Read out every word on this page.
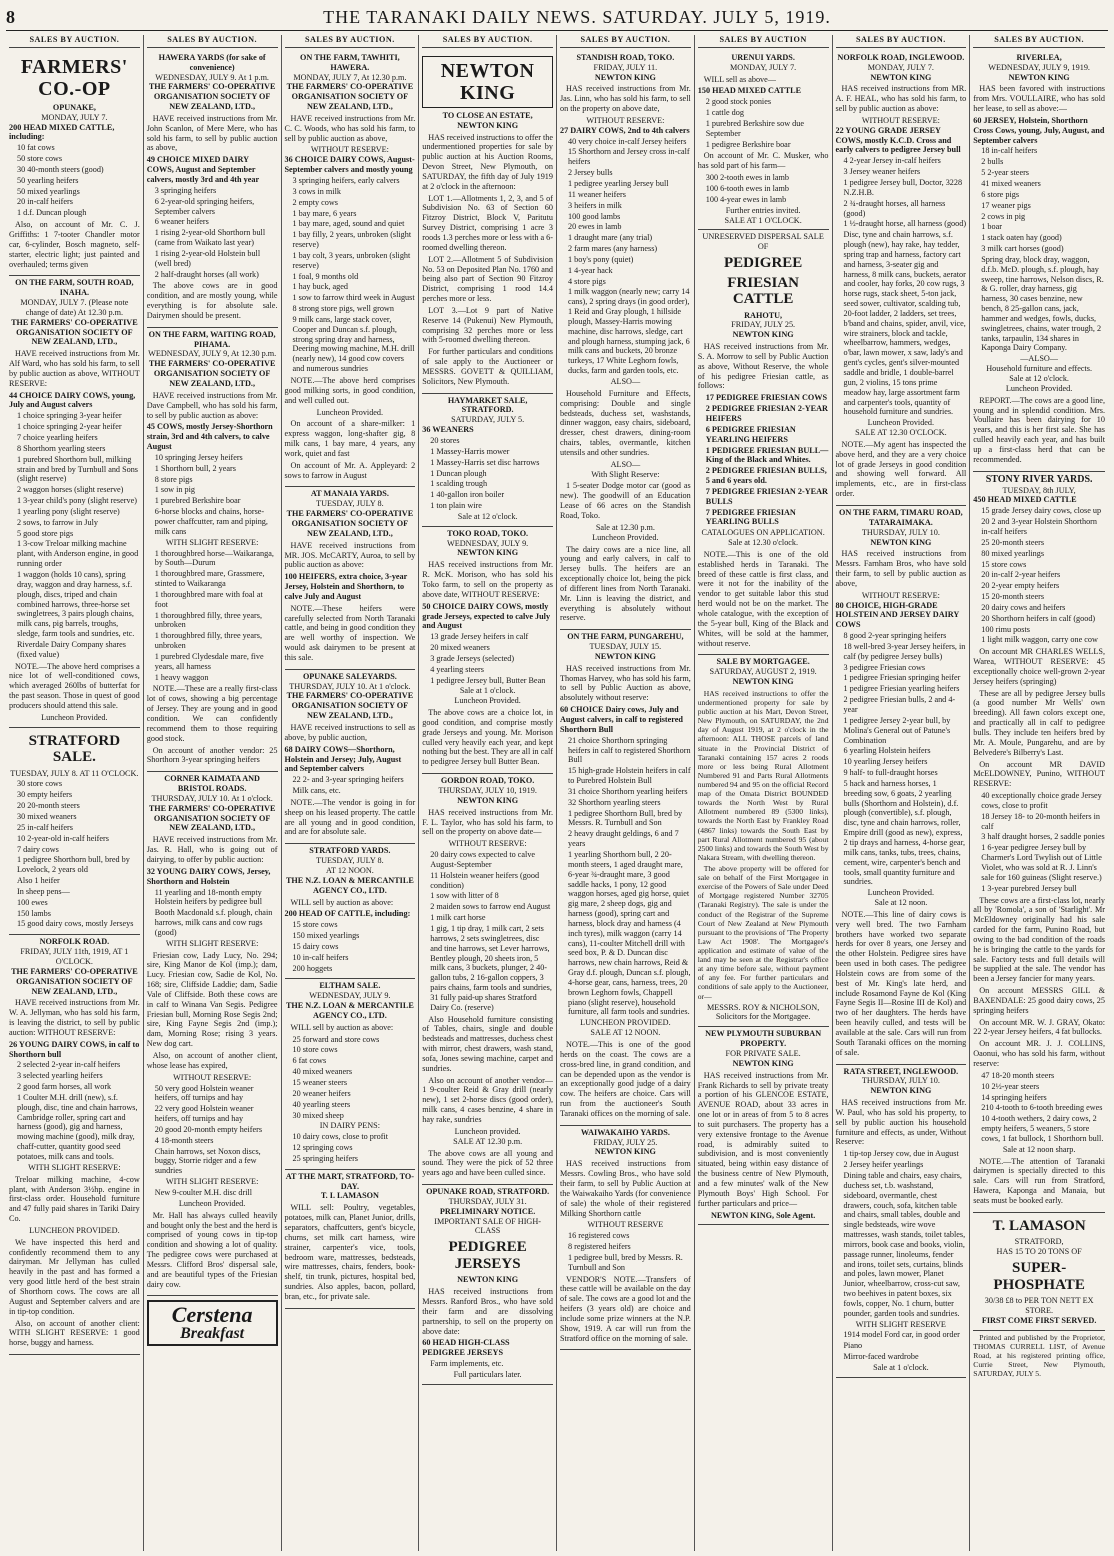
8	THE TARANAKI DAILY NEWS. SATURDAY. JULY 5, 1919.
SALES BY AUCTION.
FARMERS' CO.-OP
OPUNAKE,
MONDAY, JULY 7.
200 HEAD MIXED CATTLE, including:
10 fat cows
50 store cows
30 40-month steers (good)
50 yearling heifers
50 mixed yearlings
20 in-calf heifers
1 d.f. Duncan plough

Also, on account of Mr. C. J. Griffiths: 1 7-tooter Chandler motor car, 6-cylinder, Bosch magneto, self-starter, electric light; just painted and overhauled; terms given

ON THE FARM, SOUTH ROAD, INAHA.
MONDAY, JULY 7. (Please note change of date) At 12.30 p.m.
THE FARMERS' CO-OPERATIVE ORGANISATION SOCIETY OF NEW ZEALAND, LTD.,

HAVE received instructions from Mr. Alf Ward, who has sold his farm, to sell by public auction as above, WITHOUT RESERVE:

44 CHOICE DAIRY COWS, young, July and August calvers
1 choice springing 3-year heifer
1 choice springing 2-year heifer
7 choice yearling heifers
8 Shorthorn yearling steers
1 purebred Shorthorn bull, milking strain and bred by Turnbull and Sons (slight reserve)
2 waggon horses (slight reserve)
1 3-year child's pony (slight reserve)
1 yearling pony (slight reserve)
2 sows, to farrow in July
5 good store pigs
1 3-cow Treloar milking machine plant, with Anderson engine, in good running order
1 waggon (holds 10 cans), spring dray, waggon and dray harness, s.f. plough, discs, triped and chain combined harrows, three-horse set swingletrees, 3 pairs plough chains, milk cans, pig barrels, troughs, sledge, farm tools and sundries, etc.
Riverdale Dairy Company shares (fixed value)

NOTE.—The above herd comprises a nice lot of well-conditioned cows, which averaged 260lbs of butterfat for the past season. Those in quest of good producers should attend this sale.

Luncheon Provided.
STRATFORD SALE.
TUESDAY, JULY 8. AT 11 O'CLOCK.
30 store cows
30 empty heifers
20 20-month steers
30 mixed weaners
25 in-calf heifers
10 2-year-old in-calf heifers
7 dairy cows
1 pedigree Shorthorn bull, bred by Lovelock, 2 years old
Also 1 heifer
In sheep pens—
100 ewes
150 lambs
15 good dairy cows, mostly Jerseys
NORFOLK ROAD.
FRIDAY, JULY 11th, 1919, AT 1 O'CLOCK.
THE FARMERS' CO-OPERATIVE ORGANISATION SOCIETY OF NEW ZEALAND, LTD.,

HAVE received instructions from Mr. W. A. Jellyman, who has sold his farm, is leaving the district, to sell by public auction: WITHOUT RESERVE:

26 YOUNG DAIRY COWS, in calf to Shorthorn bull
2 selected 2-year in-calf heifers
3 selected yearling heifers
2 good farm horses, all work
1 Coulter M.H. drill (new), s.f. plough, disc, tine and chain harrows, Cambridge roller, spring cart and harness (good), gig and harness, mowing machine (good), milk dray, chaff-cutter, quantity good seed potatoes, milk cans and tools.
WITH SLIGHT RESERVE:

Treloar milking machine, 4-cow plant, with Anderson 3½hp. engine in first-class order. Household furniture and 47 fully paid shares in Tariki Dairy Co.

LUNCHEON PROVIDED.

We have inspected this herd and confidently recommend them to any dairyman. Mr Jellyman has culled heavily in the past and has formed a very good little herd of the best strain of Shorthorn cows. The cows are all August and September calvers and are in tip-top condition.

Also, on account of another client: WITH SLIGHT RESERVE: 1 good horse, buggy and harness.

SALES BY AUCTION.
HAWERA YARDS (for sake of convenience)
WEDNESDAY, JULY 9. At 1 p.m.
THE FARMERS' CO-OPERATIVE ORGANISATION SOCIETY OF NEW ZEALAND, LTD.,

HAVE received instructions from Mr. John Scanlon, of Mere Mere, who has sold his farm, to sell by public auction as above,

49 CHOICE MIXED DAIRY COWS, August and September calvers, mostly 3rd and 4th year
3 springing heifers
6 2-year-old springing heifers, September calvers
6 weaner heifers
1 rising 2-year-old Shorthorn bull (came from Waikato last year)
1 rising 2-year-old Holstein bull (well bred)
2 half-draught horses (all work)

The above cows are in good condition, and are mostly young, while everything is for absolute sale. Dairymen should be present.

ON THE FARM, WAITING ROAD, PIHAMA.
WEDNESDAY, JULY 9, At 12.30 p.m.
THE FARMERS' CO-OPERATIVE ORGANISATION SOCIETY OF NEW ZEALAND, LTD.,

HAVE received instructions from Mr. Dave Campbell, who has sold his farm, to sell by public auction as above:

45 COWS, mostly Jersey-Shorthorn strain, 3rd and 4th calvers, to calve August
10 springing Jersey heifers
1 Shorthorn bull, 2 years
8 store pigs
1 sow in pig
1 purebred Berkshire boar
6-horse blocks and chains, horse-power chaffcutter, ram and piping, milk cans
WITH SLIGHT RESERVE:
1 thoroughbred horse—Waikaranga, by South—Durum
1 thoroughbred mare, Grassmere, stinted to Waikaranga
1 thoroughbred mare with foal at foot
1 thoroughbred filly, three years, unbroken
1 thoroughbred filly, three years, unbroken
1 purebred Clydesdale mare, five years, all harness
1 heavy waggon

NOTE.—These are a really first-class lot of cows, showing a big percentage of Jersey. They are young and in good condition. We can confidently recommend them to those requiring good stock.

On account of another vendor: 25 Shorthorn 3-year springing heifers

CORNER KAIMATA AND BRISTOL ROADS.
THURSDAY, JULY 10. At 1 o'clock.
THE FARMERS' CO-OPERATIVE ORGANISATION SOCIETY OF NEW ZEALAND, LTD.,

HAVE received instructions from Mr. Jas. R. Hall, who is going out of dairying, to offer by public auction:

32 YOUNG DAIRY COWS, Jersey, Shorthorn and Holstein
11 yearling and 18-month empty Holstein heifers by pedigree bull
Booth Macdonald s.f. plough, chain harrows, milk cans and cow rugs (good)
WITH SLIGHT RESERVE:

Friesian cow, Lady Lucy, No. 294; sire, King Manor de Kol (imp.); dam, Lucy. Friesian cow, Sadie de Kol, No. 168; sire, Cliffside Laddie; dam, Sadie Vale of Cliffside. Both these cows are in calf to Winana Van Segis. Pedigree Friesian bull, Morning Rose Segis 2nd; sire, King Fayne Segis 2nd (imp.); dam, Morning Rose; rising 3 years. New dog cart.

Also, on account of another client, whose lease has expired,

WITHOUT RESERVE:
50 very good Holstein weaner heifers, off turnips and hay
22 very good Holstein weaner heifers, off turnips and hay
20 good 20-month empty heifers
4 18-month steers
Chain harrows, set Noxon discs, buggy, Storrie ridger and a few sundries
WITH SLIGHT RESERVE:
New 9-coulter M.H. disc drill
Luncheon Provided.

Mr. Hall has always culled heavily and bought only the best and the herd is comprised of young cows in tip-top condition and showing a lot of quality. The pedigree cows were purchased at Messrs. Clifford Bros' dispersal sale, and are beautiful types of the Friesian dairy cow.

Cerstena
Breakfast
SALES BY AUCTION.
ON THE FARM, TAWHITI, HAWERA.
MONDAY, JULY 7, At 12.30 p.m.
THE FARMERS' CO-OPERATIVE ORGANISATION SOCIETY OF NEW ZEALAND, LTD.,

HAVE received instructions from Mr. C. C. Woods, who has sold his farm, to sell by public auction as above,

WITHOUT RESERVE:
36 CHOICE DAIRY COWS, August-September calvers and mostly young
3 springing heifers, early calvers
3 cows in milk
2 empty cows
1 bay mare, 6 years
1 bay mare, aged, sound and quiet
1 bay filly, 2 years, unbroken (slight reserve)
1 bay colt, 3 years, unbroken (slight reserve)
1 foal, 9 months old
1 hay buck, aged
1 sow to farrow third week in August
8 strong store pigs, well grown
9 milk cans, large stack cover, Cooper and Duncan s.f. plough, strong spring dray and harness, Deering mowing machine, M.H. drill (nearly new), 14 good cow covers and numerous sundries

NOTE.—The above herd comprises good milking sorts, in good condition, and well culled out.

Luncheon Provided.

On account of a share-milker: 1 express waggon, long-shafter gig, 8 milk cans, 1 bay mare, 4 years, any work, quiet and fast

On account of Mr. A. Appleyard: 2 sows to farrow in August

AT MANAIA YARDS.
TUESDAY, JULY 8.
THE FARMERS' CO-OPERATIVE ORGANISATION SOCIETY OF NEW ZEALAND, LTD.,

HAVE received instructions from MR. JOS. McCARTY, Auroa, to sell by public auction as above:

100 HEIFERS, extra choice, 3-year Jersey, Holstein and Shorthorn, to calve July and August

NOTE.—These heifers were carefully selected from North Taranaki cattle, and being in good condition they are well worthy of inspection. We would ask dairymen to be present at this sale.

OPUNAKE SALEYARDS.
THURSDAY, JULY 10. At 1 o'clock.
THE FARMERS' CO-OPERATIVE ORGANISATION SOCIETY OF NEW ZEALAND, LTD.,

HAVE received instructions to sell as above, by public auction,

68 DAIRY COWS—Shorthorn, Holstein and Jersey; July, August and September calvers
22 2- and 3-year springing heifers
Milk cans, etc.

NOTE.—The vendor is going in for sheep on his leased property. The cattle are all young and in good condition, and are for absolute sale.

STRATFORD YARDS.
TUESDAY, JULY 8.
AT 12 NOON.
THE N.Z. LOAN & MERCANTILE AGENCY CO., LTD.

WILL sell by auction as above:

200 HEAD OF CATTLE, including:
15 store cows
150 mixed yearlings
15 dairy cows
10 in-calf heifers
200 hoggets
ELTHAM SALE.
WEDNESDAY, JULY 9.
THE N.Z. LOAN & MERCANTILE AGENCY CO., LTD.

WILL sell by auction as above:

25 forward and store cows
10 store cows
6 fat cows
40 mixed weaners
15 weaner steers
20 weaner heifers
40 yearling steers
30 mixed sheep
IN DAIRY PENS:
10 dairy cows, close to profit
12 springing cows
25 springing heifers
AT THE MART, STRATFORD, TO-DAY.
T. I. LAMASON

WILL sell: Poultry, vegetables, potatoes, milk can, Planet Junior, drills, separators, chaffcutters, gent's bicycle, churns, set milk cart harness, wire strainer, carpenter's vice, tools, bedroom ware, mattresses, bedsteads, wire mattresses, chairs, fenders, book-shelf, tin trunk, pictures, hospital bed, sundries. Also apples, bacon, pollard, bran, etc., for private sale.

SALES BY AUCTION.
NEWTON KING
TO CLOSE AN ESTATE,
NEWTON KING

HAS received instructions to offer the undermentioned properties for sale by public auction at his Auction Rooms, Devon Street, New Plymouth, on SATURDAY, the fifth day of July 1919 at 2 o'clock in the afternoon:

LOT 1.—Allotments 1, 2, 3, and 5 of Subdivision No. 63 of Section 60 Fitzroy District, Block V, Paritutu Survey District, comprising 1 acre 3 roods 1.3 perches more or less with a 6-roomed dwelling thereon.

LOT 2.—Allotment 5 of Subdivision No. 53 on Deposited Plan No. 1760 and being also part of Section 90 Fitzroy District, comprising 1 rood 14.4 perches more or less.

LOT 3.—Lot 9 part of Native Reserve 14 (Pukenui) New Plymouth, comprising 32 perches more or less with 5-roomed dwelling thereon.

For further particulars and conditions of sale apply to the Auctioneer or MESSRS. GOVETT & QUILLIAM, Solicitors, New Plymouth.

HAYMARKET SALE, STRATFORD.
SATURDAY, JULY 5.
36 WEANERS
20 stores
1 Massey-Harris mower
1 Massey-Harris set disc harrows
1 Duncan plough
1 scalding trough
1 40-gallon iron boiler
1 ton plain wire
Sale at 12 o'clock.
TOKO ROAD, TOKO.
WEDNESDAY, JULY 9.
NEWTON KING

HAS received instructions from Mr. R. McK. Morison, who has sold his Toko farm, to sell on the property as above date, WITHOUT RESERVE:

50 CHOICE DAIRY COWS, mostly grade Jerseys, expected to calve July and August
13 grade Jersey heifers in calf
20 mixed weaners
3 grade Jerseys (selected)
4 yearling steers
1 pedigree Jersey bull, Butter Bean
Sale at 1 o'clock.
Luncheon Provided.

The above cows are a choice lot, in good condition, and comprise mostly grade Jerseys and young. Mr. Morison culled very heavily each year, and kept nothing but the best. They are all in calf to pedigree Jersey bull Butter Bean.

GORDON ROAD, TOKO.
THURSDAY, JULY 10, 1919.
NEWTON KING

HAS received instructions from Mr. F. L. Taylor, who has sold his farm, to sell on the property on above date—

WITHOUT RESERVE:
20 dairy cows expected to calve August-September
11 Holstein weaner heifers (good condition)
1 sow with litter of 8
2 maiden sows to farrow end August
1 milk cart horse
1 gig, 1 tip dray, 1 milk cart, 2 sets harrows, 2 sets swingletrees, disc and tine harrows, set Lever harrows, Bentley plough, 20 sheets iron, 5 milk cans, 3 buckets, plunger, 2 40-gallon tubs, 2 16-gallon coppers, 3 pairs chains, farm tools and sundries, 31 fully paid-up shares Stratford Dairy Co. (reserve)

Also Household furniture consisting of Tables, chairs, single and double bedsteads and mattresses, duchess chest with mirror, chest drawers, wash stand, sofa, Jones sewing machine, carpet and sundries.

Also on account of another vendor— 1 9-coulter Reid & Gray drill (nearly new), 1 set 2-horse discs (good order), milk cans, 4 cases benzine, 4 share in hay rake, sundries

Luncheon provided.
SALE AT 12.30 p.m.

The above cows are all young and sound. They were the pick of 52 three years ago and have been culled since.

OPUNAKE ROAD, STRATFORD.
THURSDAY, JULY 31.
PRELIMINARY NOTICE.
IMPORTANT SALE OF HIGH-CLASS
PEDIGREE JERSEYS
NEWTON KING

HAS received instructions from Messrs. Ranford Bros., who have sold their farm and are dissolving partnership, to sell on the property on above date:

60 HEAD HIGH-CLASS PEDIGREE JERSEYS
Farm implements, etc.
Full particulars later.
SALES BY AUCTION.
STANDISH ROAD, TOKO.
FRIDAY, JULY 11.
NEWTON KING

HAS received instructions from Mr. Jas. Linn, who has sold his farm, to sell on the property on above date,

WITHOUT RESERVE:
27 DAIRY COWS, 2nd to 4th calvers
40 very choice in-calf Jersey heifers
15 Shorthorn and Jersey cross in-calf heifers
2 Jersey bulls
1 pedigree yearling Jersey bull
11 weaner heifers
3 heifers in milk
100 good lambs
20 ewes in lamb
1 draught mare (any trial)
2 farm mares (any harness)
1 boy's pony (quiet)
1 4-year hack
4 store pigs
1 milk waggon (nearly new; carry 14 cans), 2 spring drays (in good order), 1 Reid and Gray plough, 1 hillside plough, Massey-Harris mowing machine, disc harrows, sledge, cart and plough harness, stumping jack, 6 milk cans and buckets, 20 bronze turkeys, 17 White Leghorn fowls, ducks, farm and garden tools, etc.
ALSO—

Household Furniture and Effects, comprising: Double and single bedsteads, duchess set, washstands, dinner waggon, easy chairs, sideboard, dresser, chest drawers, dining-room chairs, tables, overmantle, kitchen utensils and other sundries.

ALSO—
With Slight Reserve:

1 5-seater Dodge motor car (good as new). The goodwill of an Education Lease of 66 acres on the Standish Road, Toko.

Sale at 12.30 p.m.
Luncheon Provided.

The dairy cows are a nice line, all young and early calvers, in calf to Jersey bulls. The heifers are an exceptionally choice lot, being the pick of different lines from North Taranaki. Mr. Linn is leaving the district, and everything is absolutely without reserve.

ON THE FARM, PUNGAREHU,
TUESDAY, JULY 15.
NEWTON KING

HAS received instructions from Mr. Thomas Harvey, who has sold his farm, to sell by Public Auction as above, absolutely without reserve:

60 CHOICE Dairy cows, July and August calvers, in calf to registered Shorthorn Bull
21 choice Shorthorn springing heifers in calf to registered Shorthorn Bull
15 high-grade Holstein heifers in calf to Purebred Holstein Bull
31 choice Shorthorn yearling heifers
32 Shorthorn yearling steers
1 pedigree Shorthorn Bull, bred by Messrs. R. Turnbull and Son
2 heavy draught geldings, 6 and 7 years
1 yearling Shorthorn bull, 2 20-month steers, 1 aged draught mare, 6-year ¾-draught mare, 3 good saddle hacks, 1 pony, 12 good waggon horses, aged gig horse, quiet gig mare, 2 sheep dogs, gig and harness (good), spring cart and harness, block dray and harness (4 inch tyres), milk waggon (carry 14 cans), 11-coulter Mitchell drill with seed box, P. & D. Duncan disc harrows, new chain harrows, Reid & Gray d.f. plough, Duncan s.f. plough, 4-horse gear, cans, harness, trees, 20 brown Leghorn fowls, Chappell piano (slight reserve), household furniture, all farm tools and sundries.
LUNCHEON PROVIDED.
SALE AT 12 NOON.

NOTE.—This is one of the good herds on the coast. The cows are a cross-bred line, in grand condition, and can be depended upon as the vendor is an exceptionally good judge of a dairy cow. The heifers are choice. Cars will run from the auctioneer's South Taranaki offices on the morning of sale.

WAIWAKAIHO YARDS.
FRIDAY, JULY 25.
NEWTON KING

HAS received instructions from Messrs. Cowling Bros., who have sold their farm, to sell by Public Auction at the Waiwakaiho Yards (for convenience of sale) the whole of their registered Milking Shorthorn cattle

WITHOUT RESERVE
16 registered cows
8 registered heifers
1 pedigree bull, bred by Messrs. R. Turnbull and Son

VENDOR'S NOTE.—Transfers of these cattle will be available on the day of sale. The cows are a good lot and the heifers (3 years old) are choice and include some prize winners at the N.P. Show, 1919. A car will run from the Stratford office on the morning of sale.

SALES BY AUCTION
URENUI YARDS.
MONDAY, JULY 7.

WILL sell as above—

150 HEAD MIXED CATTLE
2 good stock ponies
1 cattle dog
1 purebred Berkshire sow due September
1 pedigree Berkshire boar

On account of Mr. C. Musker, who has sold part of his farm—

300 2-tooth ewes in lamb
100 6-tooth ewes in lamb
100 4-year ewes in lamb
Further entries invited.
SALE AT 1 O'CLOCK.
UNRESERVED DISPERSAL SALE OF
PEDIGREE
FRIESIAN CATTLE
RAHOTU,
FRIDAY, JULY 25.
NEWTON KING

HAS received instructions from Mr. S. A. Morrow to sell by Public Auction as above, Without Reserve, the whole of his pedigree Friesian cattle, as follows:

17 PEDIGREE FRIESIAN COWS
2 PEDIGREE FRIESIAN 2-YEAR HEIFERS
6 PEDIGREE FRIESIAN YEARLING HEIFERS
1 PEDIGREE FRIESIAN BULL—King of the Black and Whites.
2 PEDIGREE FRIESIAN BULLS, 5 and 6 years old.
7 PEDIGREE FRIESIAN 2-YEAR BULLS
7 PEDIGREE FRIESIAN YEARLING BULLS
CATALOGUES ON APPLICATION.
Sale at 12.30 o'clock.

NOTE.—This is one of the old established herds in Taranaki. The breed of these cattle is first class, and were it not for the inability of the vendor to get suitable labor this stud herd would not be on the market. The whole catalogue, with the exception of the 5-year bull, King of the Black and Whites, will be sold at the hammer, without reserve.

SALE BY MORTGAGEE.
SATURDAY, AUGUST 2, 1919.
NEWTON KING

HAS received instructions to offer the undermentioned property for sale by public auction at his Mart, Devon Street, New Plymouth, on SATURDAY, the 2nd day of August 1919, at 2 o'clock in the afternoon: ALL THOSE parcels of land situate in the Provincial District of Taranaki containing 157 acres 2 roods more or less being Rural Allotment Numbered 91 and Parts Rural Allotments numbered 94 and 95 on the official Record map of the Omata District BOUNDED towards the North West by Rural Allotment numbered 89 (5300 links), towards the North East by Frankley Road (4867 links) towards the South East by part Rural Allotment numbered 95 (about 2500 links) and towards the South West by Nakara Stream, with dwelling thereon.

The above property will be offered for sale on behalf of the First Mortgagee in exercise of the Powers of Sale under Deed of Mortgage registered Number 32705 (Taranaki Registry). The sale is under the conduct of the Registrar of the Supreme Court of New Zealand at New Plymouth pursuant to the provisions of 'The Property Law Act 1908'. The Mortgagee's application and estimate of value of the land may be seen at the Registrar's office at any time before sale, without payment of any fee. For further particulars and conditions of sale apply to the Auctioneer, or—

MESSRS. ROY & NICHOLSON, Solicitors for the Mortgagee.
NEW PLYMOUTH SUBURBAN PROPERTY.
FOR PRIVATE SALE.
NEWTON KING

HAS received instructions from Mr. Frank Richards to sell by private treaty a portion of his GLENCOE ESTATE, AVENUE ROAD, about 33 acres in one lot or in areas of from 5 to 8 acres to suit purchasers. The property has a very extensive frontage to the Avenue road, is admirably suited to subdivision, and is most conveniently situated, being within easy distance of the business centre of New Plymouth, and a few minutes' walk of the New Plymouth Boys' High School. For further particulars and price—

NEWTON KING, Sole Agent.
SALES BY AUCTION.
NORFOLK ROAD, INGLEWOOD.
MONDAY, JULY 7.
NEWTON KING

HAS received instructions from MR. A. F. HEAL, who has sold his farm, to sell by public auction as above:

WITHOUT RESERVE:
22 YOUNG GRADE JERSEY COWS, mostly K.C.D. Cross and early calvers to pedigree Jersey bull
4 2-year Jersey in-calf heifers
3 Jersey weaner heifers
1 pedigree Jersey bull, Doctor, 3228 N.Z.H.B.
2 ¾-draught horses, all harness (good)
1 ½-draught horse, all harness (good)
Disc, tyne and chain harrows, s.f. plough (new), hay rake, hay tedder, spring trap and harness, factory cart and harness, 3-seater gig and harness, 8 milk cans, buckets, aerator and cooler, hay forks, 20 cow rugs, 3 horse rugs, stack sheet, 5-ton jack, seed sower, cultivator, scalding tub, 20-foot ladder, 2 ladders, set trees, b'band and chains, spider, anvil, vice, wire strainers, block and tackle, wheelbarrow, hammers, wedges, o'bar, lawn mower, x saw, lady's and gent's cycles, gent's silver-mounted saddle and bridle, 1 double-barrel gun, 2 violins, 15 tons prime meadow hay, large assortment farm and carpenter's tools, quantity of household furniture and sundries.
Luncheon Provided.
SALE AT 12.30 O'CLOCK.

NOTE.—My agent has inspected the above herd, and they are a very choice lot of grade Jerseys in good condition and showing well forward. All implements, etc., are in first-class order.

ON THE FARM, TIMARU ROAD, TATARAIMAKA.
THURSDAY, JULY 10.
NEWTON KING

HAS received instructions from Messrs. Farnham Bros, who have sold their farm, to sell by public auction as above,

WITHOUT RESERVE:
80 CHOICE, HIGH-GRADE HOLSTEIN AND JERSEY DAIRY COWS
8 good 2-year springing heifers
18 well-bred 3-year Jersey heifers, in calf (by pedigree Jersey bulls)
3 pedigree Friesian cows
1 pedigree Friesian springing heifer
1 pedigree Friesian yearling heifers
2 pedigree Friesian bulls, 2 and 4-year
1 pedigree Jersey 2-year bull, by Molina's General out of Patune's Combination
6 yearling Holstein heifers
10 yearling Jersey heifers
9 half- to full-draught horses
5 hack and harness horses, 1 breeding sow, 6 goats, 2 yearling bulls (Shorthorn and Holstein), d.f. plough (convertible), s.f. plough, disc, tyne and chain harrows, roller, Empire drill (good as new), express, 2 tip drays and harness, 4-horse gear, milk cans, tanks, tubs, trees, chains, cement, wire, carpenter's bench and tools, small quantity furniture and sundries.
Luncheon Provided.
Sale at 12 noon.

NOTE.—This line of dairy cows is very well bred. The two Farnham brothers have worked two separate herds for over 8 years, one Jersey and the other Holstein. Pedigree sires have been used in both cases. The pedigree Holstein cows are from some of the best of Mr. King's late herd, and include Rosamond Fayne de Kol (King Fayne Segis II—Rosine III de Kol) and two of her daughters. The herds have been heavily culled, and tests will be available at the sale. Cars will run from South Taranaki offices on the morning of sale.

RATA STREET, INGLEWOOD.
THURSDAY, JULY 10.
NEWTON KING

HAS received instructions from Mr. W. Paul, who has sold his property, to sell by public auction his household furniture and effects, as under, Without Reserve:

1 tip-top Jersey cow, due in August
2 Jersey heifer yearlings
Dining table and chairs, easy chairs, duchess set, t.b. washstand, sideboard, overmantle, chest drawers, couch, sofa, kitchen table and chairs, small tables, double and single bedsteads, wire wove mattresses, wash stands, toilet tables, mirrors, book case and books, violin, passage runner, linoleums, fender and irons, toilet sets, curtains, blinds and poles, lawn mower, Planet Junior, wheelbarrow, cross-cut saw, two beehives in patent boxes, six fowls, copper, No. 1 churn, butter pounder, garden tools and sundries.
WITH SLIGHT RESERVE
1914 model Ford car, in good order
Piano
Mirror-faced wardrobe
Sale at 1 o'clock.
SALES BY AUCTION.
RIVERLEA,
WEDNESDAY, JULY 9, 1919.
NEWTON KING

HAS been favored with instructions from Mrs. VOULLAIRE, who has sold her lease, to sell as above:—

60 JERSEY, Holstein, Shorthorn Cross Cows, young, July, August, and September calvers
18 in-calf heifers
2 bulls
5 2-year steers
41 mixed weaners
6 store pigs
17 weaner pigs
2 cows in pig
1 boar
1 stack oaten hay (good)
3 milk cart horses (good)
Spring dray, block dray, waggon, d.f.b. McD. plough, s.f. plough, hay sweep, tine harrows, Nelson discs, R. & G. roller, dray harness, gig harness, 30 cases benzine, new bench, 8 25-gallon cans, jack, hammer and wedges, fowls, ducks, swingletrees, chains, water trough, 2 tanks, tarpaulin, 134 shares in Kaponga Dairy Company.
—ALSO—
Household furniture and effects.
Sale at 12 o'clock.
Luncheon Provided.

REPORT.—The cows are a good line, young and in splendid condition. Mrs. Voullaire has been dairying for 10 years, and this is her first sale. She has culled heavily each year, and has built up a first-class herd that can be recommended.

STONY RIVER YARDS.
TUESDAY, 8th JULY,
450 HEAD MIXED CATTLE
15 grade Jersey dairy cows, close up
20 2 and 3-year Holstein Shorthorn in-calf heifers
25 20-month steers
80 mixed yearlings
15 store cows
20 in-calf 2-year heifers
20 2-year empty heifers
15 20-month steers
20 dairy cows and heifers
20 Shorthorn heifers in calf (good)
100 rimu posts
1 light milk waggon, carry one cow

On account MR CHARLES WELLS, Warea, WITHOUT RESERVE: 45 exceptionally choice well-grown 2-year Jersey heifers (springing)

These are all by pedigree Jersey bulls (a good number Mr Wells' own breeding). All fawn colors except one, and practically all in calf to pedigree bulls. They include ten heifers bred by Mr. A. Moule, Pungarehu, and are by Belvedere's Bilberry's Last.

On account MR DAVID McELDOWNEY, Punino, WITHOUT RESERVE:

40 exceptionally choice grade Jersey cows, close to profit
18 Jersey 18- to 20-month heifers in calf
3 half draught horses, 2 saddle ponies
1 6-year pedigree Jersey bull by Charmer's Lord Twylish out of Little Violet, who was sold at R. J. Linn's sale for 160 guineas (Slight reserve.)
1 3-year purebred Jersey bull

These cows are a first-class lot, nearly all by 'Romola', a son of 'Starlight'. Mr McEldowney originally had his sale carded for the farm, Punino Road, but owing to the bad condition of the roads he is bringing the cattle to the yards for sale. Factory tests and full details will be supplied at the sale. The vendor has been a Jersey fancier for many years.

On account MESSRS GILL & BAXENDALE: 25 good dairy cows, 25 springing heifers

On account MR. W. J. GRAY, Okato: 22 2-year Jersey heifers, 4 fat bullocks.

On account MR. J. J. COLLINS, Oaonui, who has sold his farm, without reserve:

47 18-20 month steers
10 2½-year steers
14 springing heifers
210 4-tooth to 6-tooth breeding ewes
10 4-tooth wethers, 2 dairy cows, 2 empty heifers, 5 weaners, 5 store cows, 1 fat bullock, 1 Shorthorn bull.
Sale at 12 noon sharp.

NOTE.—The attention of Taranaki dairymen is specially directed to this sale. Cars will run from Stratford, Hawera, Kaponga and Manaia, but seats must be booked early.

T. LAMASON
STRATFORD,
HAS 15 TO 20 TONS OF
SUPER-PHOSPHATE
30/38 £8 to PER TON NETT EX STORE.
FIRST COME FIRST SERVED.

Printed and published by the Proprietor, THOMAS CURRELL LIST, of Avenue Road, at his registered printing office, Currie Street, New Plymouth, SATURDAY, JULY 5.
